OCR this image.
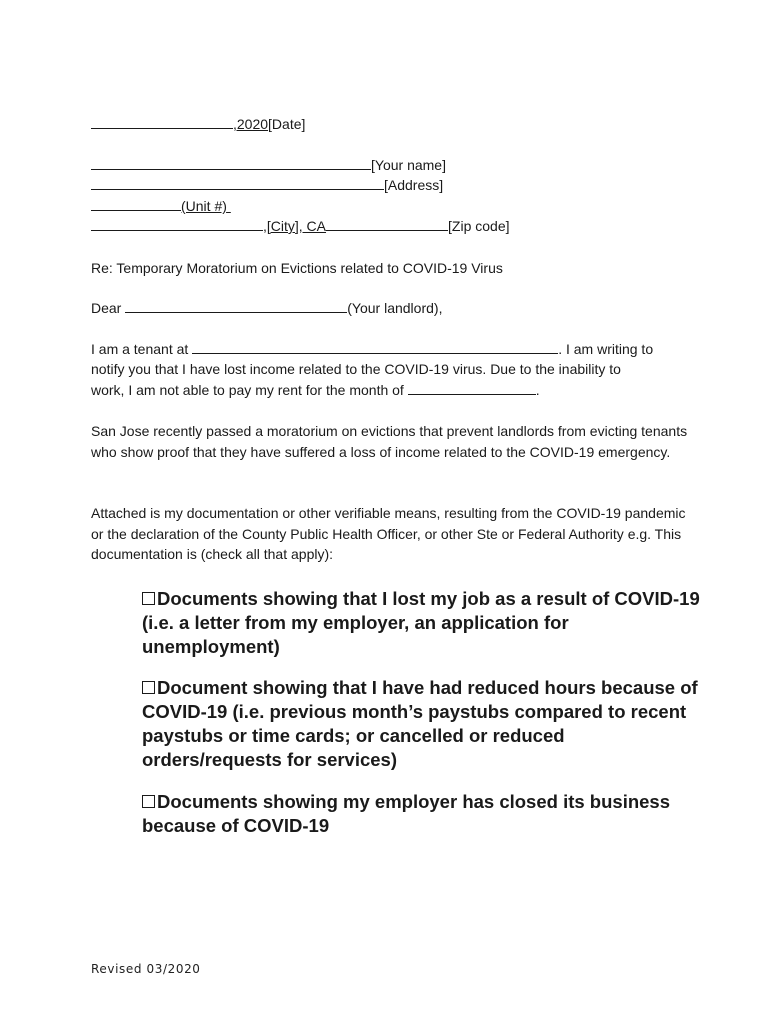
,2020[Date]
[Your name]
[Address]
(Unit #)
,[City], CA	[Zip code]
Re: Temporary Moratorium on Evictions related to COVID-19 Virus
Dear	(Your landlord),
I am a tenant at	. I am writing to
notify you that I have lost income related to the COVID-19 virus. Due to the inability to
work, I am not able to pay my rent for the month of	.
San Jose recently passed a moratorium on evictions that prevent landlords from evicting tenants who show proof that they have suffered a loss of income related to the COVID-19 emergency.
Attached is my documentation or other verifiable means, resulting from the COVID-19 pandemic or the declaration of the County Public Health Officer, or other Ste or Federal Authority e.g. This documentation is (check all that apply):
Documents showing that I lost my job as a result of COVID-19 (i.e. a letter from my employer, an application for unemployment)
Document showing that I have had reduced hours because of COVID-19 (i.e. previous month’s paystubs compared to recent paystubs or time cards; or cancelled or reduced orders/requests for services)
Documents showing my employer has closed its business because of COVID-19
Revised 03/2020
